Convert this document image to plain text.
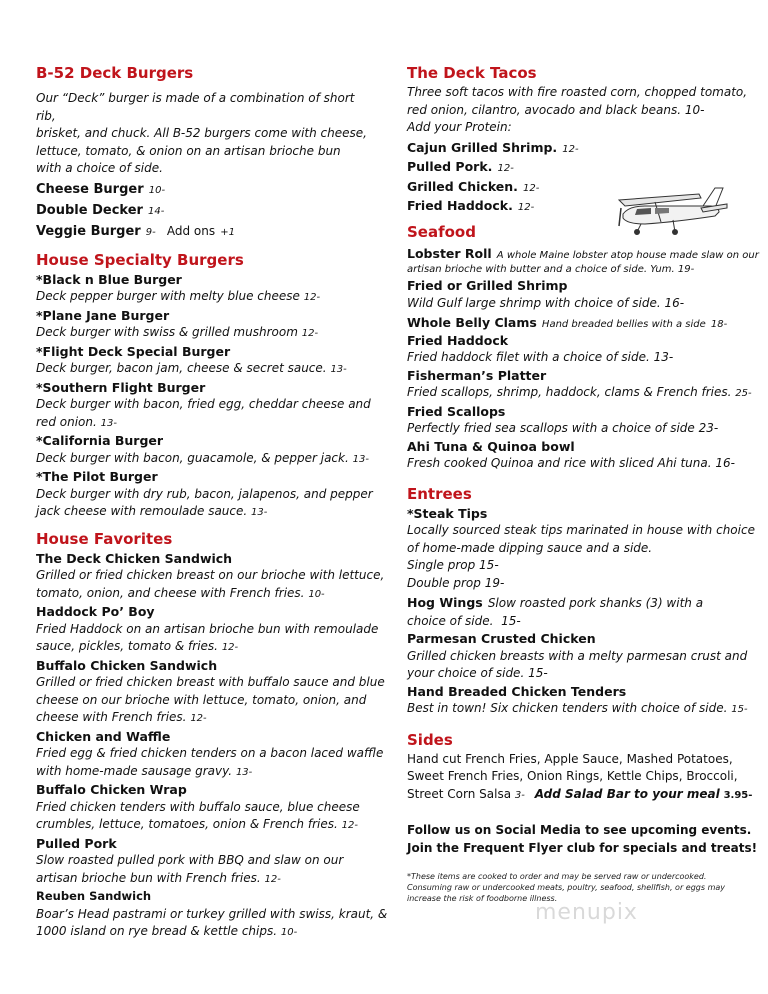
B-52 Deck Burgers
Our “Deck” burger is made of a combination of short rib,
brisket, and chuck. All B-52 burgers come with cheese,
lettuce, tomato, & onion on an artisan brioche bun
with a choice of side.
Cheese Burger 10-
Double Decker 14-
Veggie Burger 9- Add ons +1
House Specialty Burgers
*Black n Blue Burger
Deck pepper burger with melty blue cheese 12-
*Plane Jane Burger
Deck burger with swiss & grilled mushroom 12-
*Flight Deck Special Burger
Deck burger, bacon jam, cheese & secret sauce. 13-
*Southern Flight Burger
Deck burger with bacon, fried egg, cheddar cheese and
red onion. 13-
*California Burger
Deck burger with bacon, guacamole, & pepper jack. 13-
*The Pilot Burger
Deck burger with dry rub, bacon, jalapenos, and pepper
jack cheese with remoulade sauce. 13-
House Favorites
The Deck Chicken Sandwich
Grilled or fried chicken breast on our brioche with lettuce,
tomato, onion, and cheese with French fries. 10-
Haddock Po’ Boy
Fried Haddock on an artisan brioche bun with remoulade
sauce, pickles, tomato & fries. 12-
Buffalo Chicken Sandwich
Grilled or fried chicken breast with buffalo sauce and blue
cheese on our brioche with lettuce, tomato, onion, and
cheese with French fries. 12-
Chicken and Waffle
Fried egg & fried chicken tenders on a bacon laced waffle
with home-made sausage gravy. 13-
Buffalo Chicken Wrap
Fried chicken tenders with buffalo sauce, blue cheese
crumbles, lettuce, tomatoes, onion & French fries. 12-
Pulled Pork
Slow roasted pulled pork with BBQ and slaw on our
artisan brioche bun with French fries. 12-
Reuben Sandwich
Boar’s Head pastrami or turkey grilled with swiss, kraut, &
1000 island on rye bread & kettle chips. 10-
The Deck Tacos
Three soft tacos with fire roasted corn, chopped tomato,
red onion, cilantro, avocado and black beans. 10-
Add your Protein:
Cajun Grilled Shrimp. 12-
Pulled Pork. 12-
Grilled Chicken. 12-
Fried Haddock. 12-
Seafood
Lobster Roll A whole Maine lobster atop house made slaw on our
artisan brioche with butter and a choice of side. Yum. 19-
Fried or Grilled Shrimp
Wild Gulf large shrimp with choice of side. 16-
Whole Belly Clams Hand breaded bellies with a side 18-
Fried Haddock
Fried haddock filet with a choice of side. 13-
Fisherman’s Platter
Fried scallops, shrimp, haddock, clams & French fries. 25-
Fried Scallops
Perfectly fried sea scallops with a choice of side 23-
Ahi Tuna & Quinoa bowl
Fresh cooked Quinoa and rice with sliced Ahi tuna. 16-
Entrees
*Steak Tips
Locally sourced steak tips marinated in house with choice
of home-made dipping sauce and a side.
Single prop 15-
Double prop 19-
Hog Wings Slow roasted pork shanks (3) with a
choice of side. 15-
Parmesan Crusted Chicken
Grilled chicken breasts with a melty parmesan crust and
your choice of side. 15-
Hand Breaded Chicken Tenders
Best in town! Six chicken tenders with choice of side. 15-
Sides
Hand cut French Fries, Apple Sauce, Mashed Potatoes,
Sweet French Fries, Onion Rings, Kettle Chips, Broccoli,
Street Corn Salsa 3- Add Salad Bar to your meal 3.95-
Follow us on Social Media to see upcoming events.
Join the Frequent Flyer club for specials and treats!
*These items are cooked to order and may be served raw or undercooked.
Consuming raw or undercooked meats, poultry, seafood, shellfish, or eggs may
increase the risk of foodborne illness.
menupix
